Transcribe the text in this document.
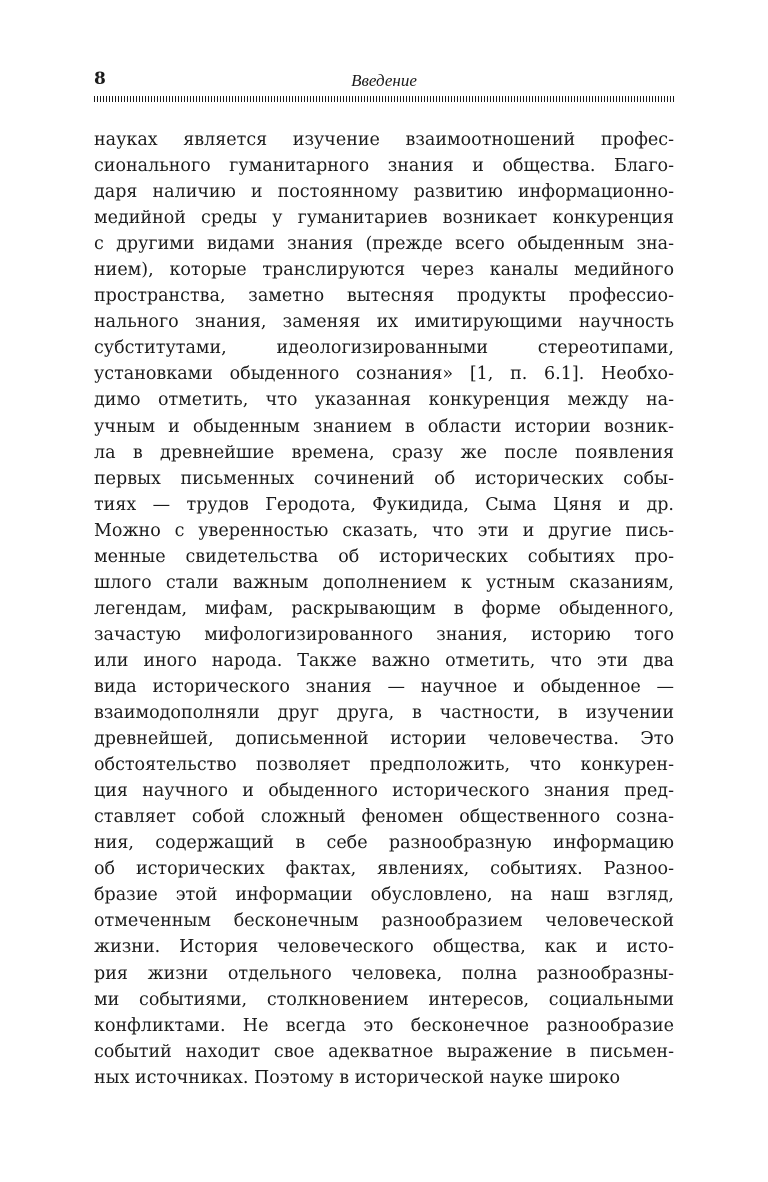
8	Введение
науках является изучение взаимоотношений профес-
сионального гуманитарного знания и общества. Благо-
даря наличию и постоянному развитию информационно-
медийной среды у гуманитариев возникает конкуренция
с другими видами знания (прежде всего обыденным зна-
нием), которые транслируются через каналы медийного
пространства, заметно вытесняя продукты профессио-
нального знания, заменяя их имитирующими научность
субститутами, идеологизированными стереотипами,
установками обыденного сознания» [1, п. 6.1]. Необхо-
димо отметить, что указанная конкуренция между на-
учным и обыденным знанием в области истории возник-
ла в древнейшие времена, сразу же после появления
первых письменных сочинений об исторических собы-
тиях — трудов Геродота, Фукидида, Сыма Цяня и др.
Можно с уверенностью сказать, что эти и другие пись-
менные свидетельства об исторических событиях про-
шлого стали важным дополнением к устным сказаниям,
легендам, мифам, раскрывающим в форме обыденного,
зачастую мифологизированного знания, историю того
или иного народа. Также важно отметить, что эти два
вида исторического знания — научное и обыденное —
взаимодополняли друг друга, в частности, в изучении
древнейшей, дописьменной истории человечества. Это
обстоятельство позволяет предположить, что конкурен-
ция научного и обыденного исторического знания пред-
ставляет собой сложный феномен общественного созна-
ния, содержащий в себе разнообразную информацию
об исторических фактах, явлениях, событиях. Разнoo-
бразие этой информации обусловлено, на наш взгляд,
отмеченным бесконечным разнообразием человеческой
жизни. История человеческого общества, как и исто-
рия жизни отдельного человека, полна разнообразны-
ми событиями, столкновением интересов, социальными
конфликтами. Не всегда это бесконечное разнообразие
событий находит свое адекватное выражение в письмен-
ных источниках. Поэтому в исторической науке широко
